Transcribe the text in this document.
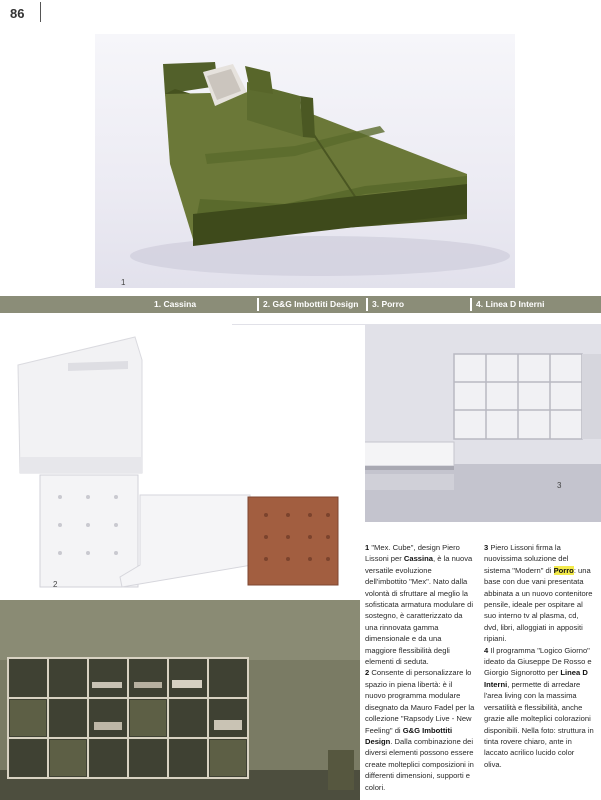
86
1
1. Cassina	2. G&G Imbottiti Design	3. Porro	4. Linea D Interni
3
2

1 "Mex. Cube", design Piero Lissoni per Cassina, è la nuova versatile evoluzione dell'imbottito "Mex". Nato dalla volontà di sfruttare al meglio la sofisticata armatura modulare di sostegno, è caratterizzato da una rinnovata gamma dimensionale e da una maggiore flessibilità degli elementi di seduta.

2 Consente di personalizzare lo spazio in piena libertà: è il nuovo programma modulare disegnato da Mauro Fadel per la collezione "Rapsody Live - New Feeling" di G&G Imbottiti Design. Dalla combinazione dei diversi elementi possono essere create molteplici composizioni in differenti dimensioni, supporti e colori.

3 Piero Lissoni firma la nuovissima soluzione del sistema "Modern" di Porro: una base con due vani presentata abbinata a un nuovo contenitore pensile, ideale per ospitare al suo interno tv al plasma, cd, dvd, libri, alloggiati in appositi ripiani.

4 Il programma "Logico Giorno" ideato da Giuseppe De Rosso e Giorgio Signorotto per Linea D Interni, permette di arredare l'area living con la massima versatilità e flessibilità, anche grazie alle molteplici colorazioni disponibili. Nella foto: struttura in tinta rovere chiaro, ante in laccato acrilico lucido color oliva.
